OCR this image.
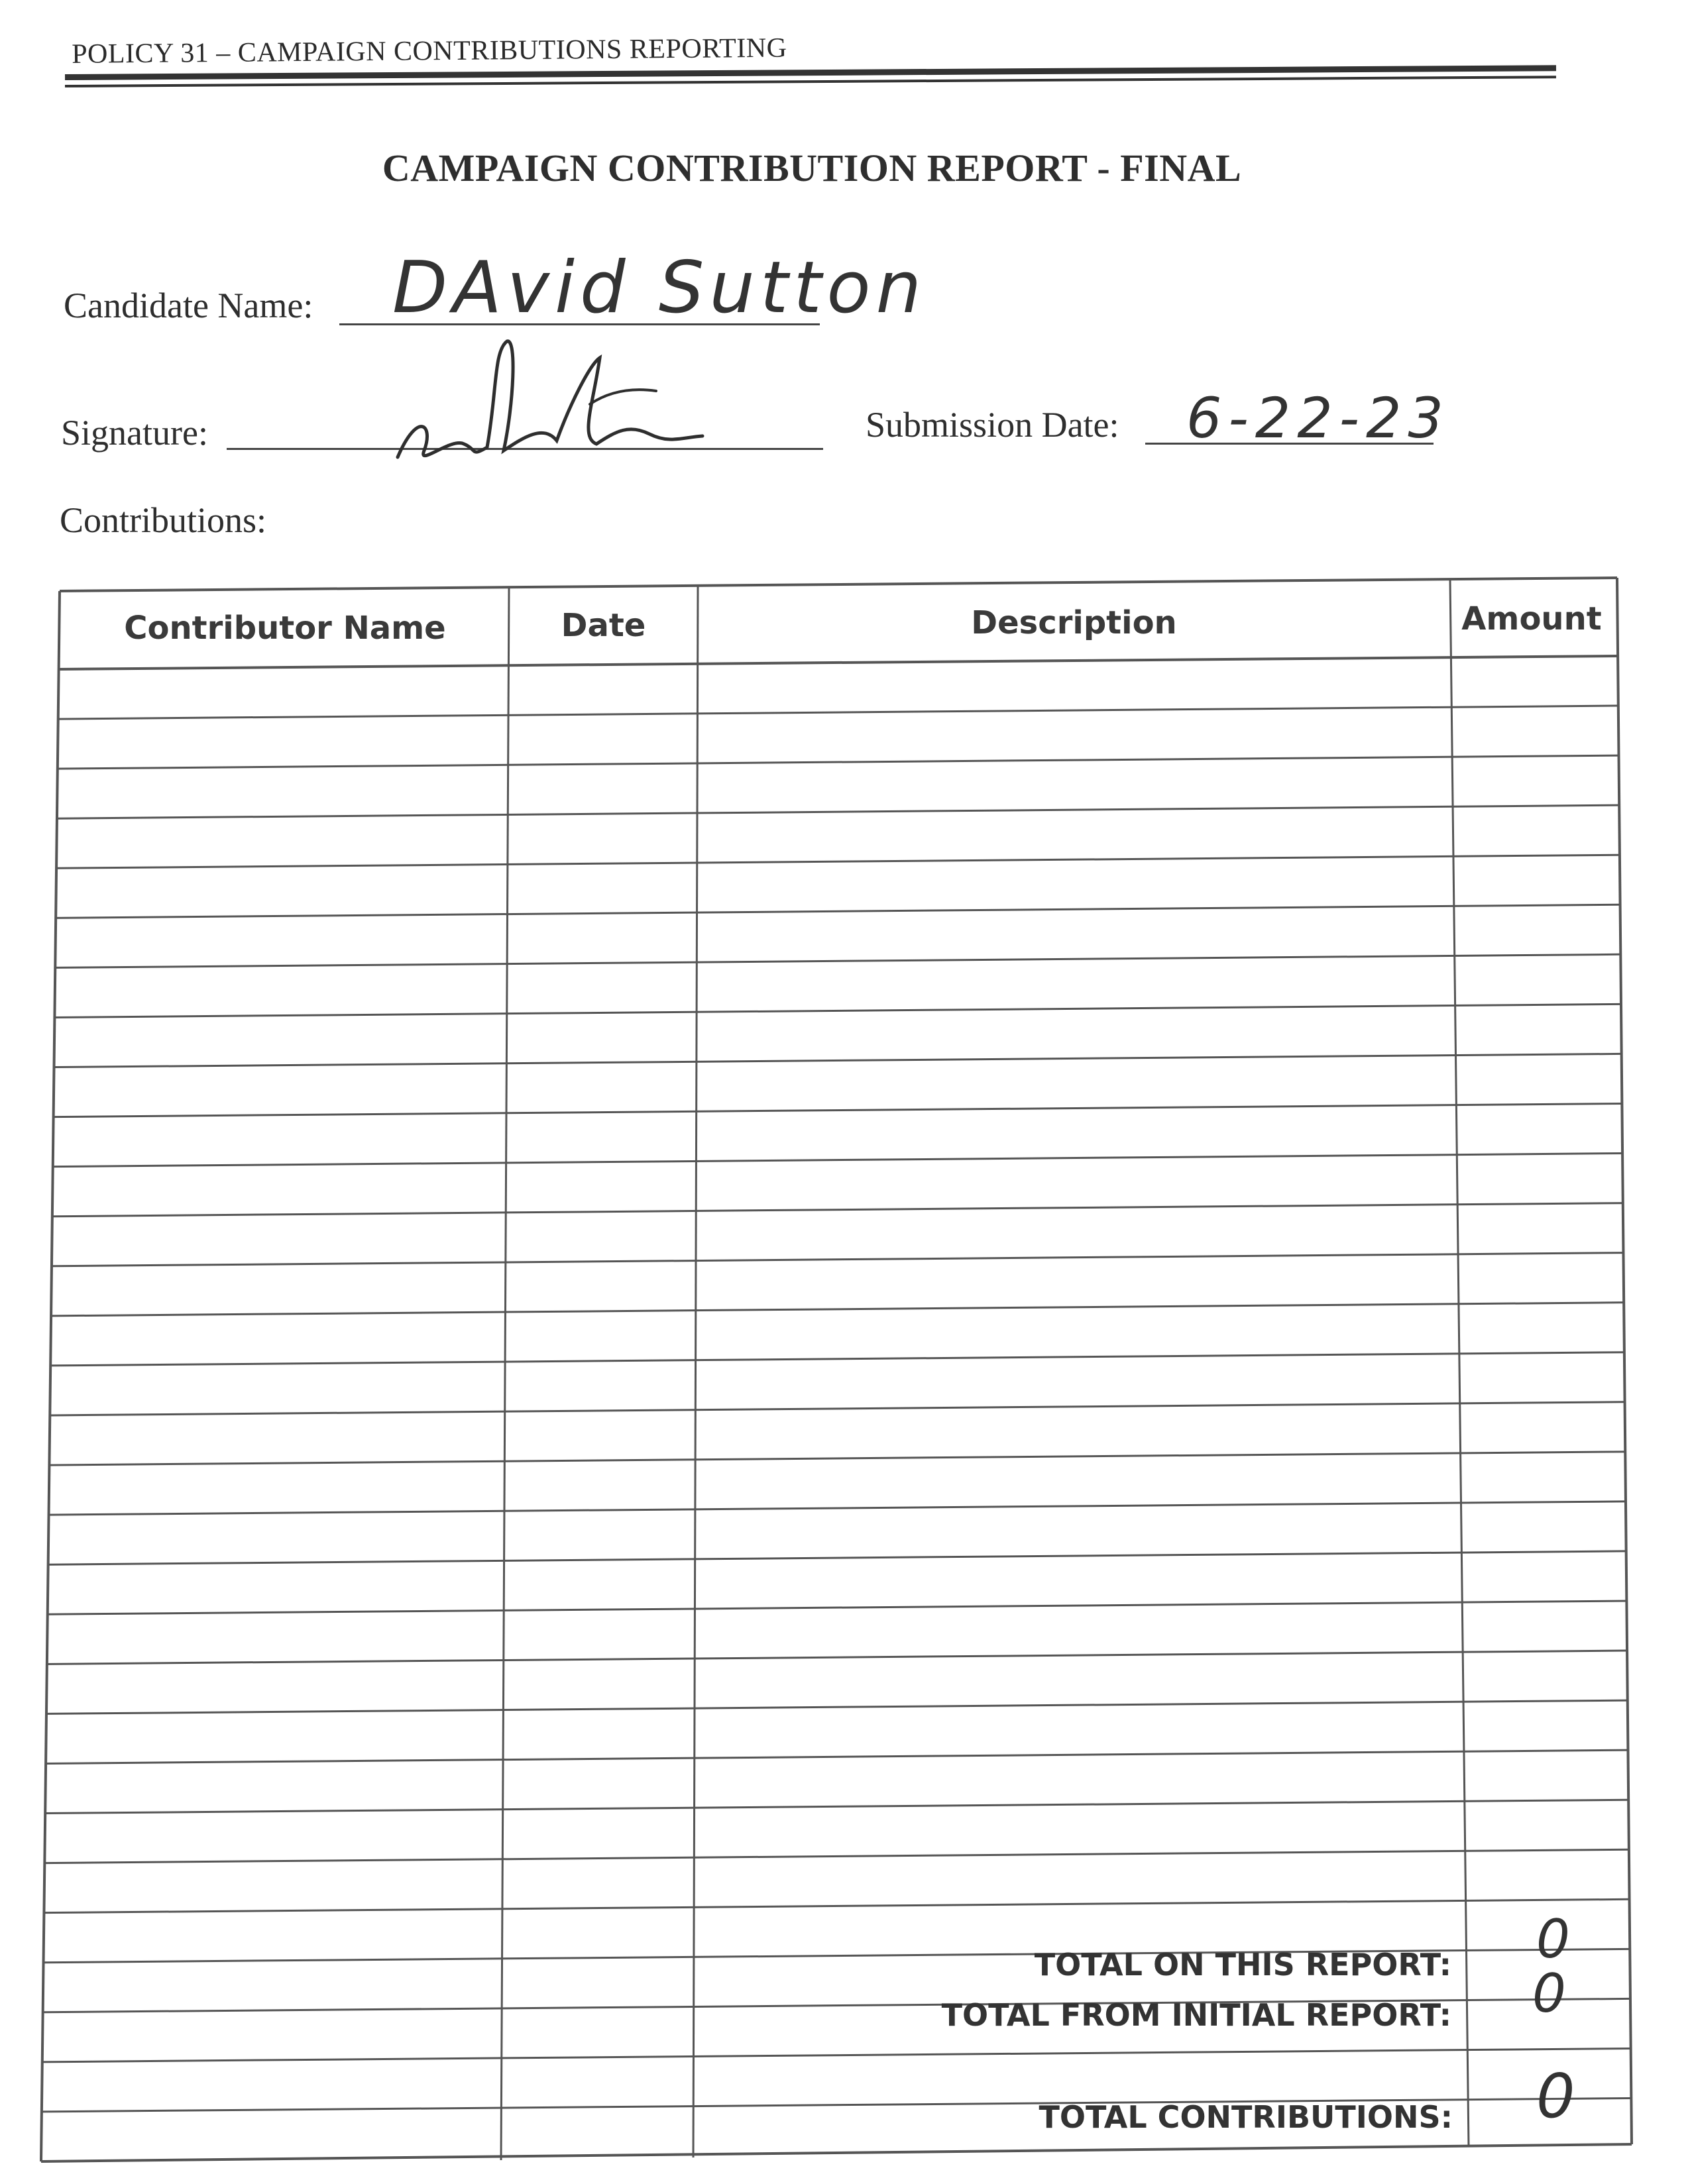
POLICY 31 – CAMPAIGN CONTRIBUTIONS REPORTING
CAMPAIGN CONTRIBUTION REPORT - FINAL
Candidate Name: DAvid Sutton
Signature:	Submission Date: 6-22-23
Contributions:
Contributor Name	Date	Description	Amount
TOTAL ON THIS REPORT: 0
TOTAL FROM INITIAL REPORT: 0
TOTAL CONTRIBUTIONS: 0
